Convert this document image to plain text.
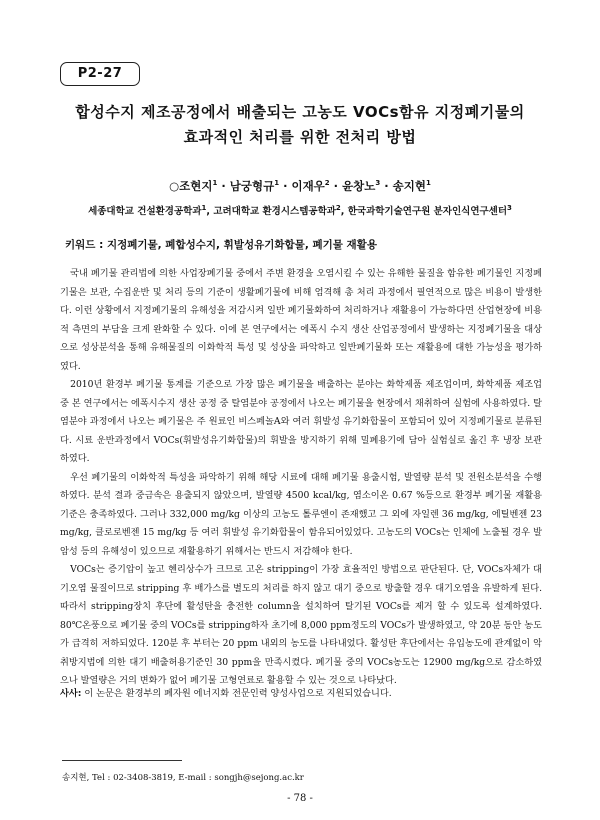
P2-27
합성수지 제조공정에서 배출되는 고농도 VOCs함유 지정폐기물의
효과적인 처리를 위한 전처리 방법
○조현지$^1$ · 남궁형규$^1$ · 이재우$^2$ · 윤창노$^3$ · 송지현$^1$
세종대학교 건설환경공학과$^1$, 고려대학교 환경시스템공학과$^2$, 한국과학기술연구원 분자인식연구센터$^3$
키워드 : 지정폐기물, 폐합성수지, 휘발성유기화합물, 폐기물 재활용

국내 폐기물 관리법에 의한 사업장폐기물 중에서 주변 환경을 오염시킬 수 있는 유해한 물질을 함유한 폐기물인 지정폐기물은 보관, 수집운반 및 처리 등의 기준이 생활폐기물에 비해 엄격해 총 처리 과정에서 필연적으로 많은 비용이 발생한다. 이런 상황에서 지정폐기물의 유해성을 저감시켜 일반 폐기물화하여 처리하거나 재활용이 가능하다면 산업현장에 비용적 측면의 부담을 크게 완화할 수 있다. 이에 본 연구에서는 에폭시 수지 생산 산업공정에서 발생하는 지정폐기물을 대상으로 성상분석을 통해 유해물질의 이화학적 특성 및 성상을 파악하고 일반폐기물화 또는 재활용에 대한 가능성을 평가하였다.

2010년 환경부 폐기물 통계를 기준으로 가장 많은 폐기물을 배출하는 분야는 화학제품 제조업이며, 화학제품 제조업 중 본 연구에서는 에폭시수지 생산 공정 중 탈염분야 공정에서 나오는 폐기물을 현장에서 채취하여 실험에 사용하였다. 탈염분야 과정에서 나오는 폐기물은 주 원료인 비스페놀A와 여러 휘발성 유기화합물이 포함되어 있어 지정폐기물로 분류된다. 시료 운반과정에서 VOCs(휘발성유기화합물)의 휘발을 방지하기 위해 밀폐용기에 담아 실험실로 옮긴 후 냉장 보관하였다.

우선 폐기물의 이화학적 특성을 파악하기 위해 해당 시료에 대해 폐기물 용출시험, 발열량 분석 및 전원소분석을 수행하였다. 분석 결과 중금속은 용출되지 않았으며, 발열량 4500 kcal/kg, 염소이온 0.67 %등으로 환경부 폐기물 재활용 기준은 충족하였다. 그러나 332,000 mg/kg 이상의 고농도 톨루엔이 존재했고 그 외에 자일렌 36 mg/kg, 에틸벤젠 23 mg/kg, 클로로벤젠 15 mg/kg 등 여러 휘발성 유기화합물이 함유되어있었다. 고농도의 VOCs는 인체에 노출될 경우 발암성 등의 유해성이 있으므로 재활용하기 위해서는 반드시 저감해야 한다.

VOCs는 증기압이 높고 헨리상수가 크므로 고온 stripping이 가장 효율적인 방법으로 판단된다. 단, VOCs자체가 대기오염 물질이므로 stripping 후 배가스를 별도의 처리를 하지 않고 대기 중으로 방출할 경우 대기오염을 유발하게 된다. 따라서 stripping장치 후단에 활성탄을 충전한 column을 설치하여 탈기된 VOCs를 제거 할 수 있도록 설계하였다. 80℃온풍으로 폐기물 중의 VOCs를 stripping하자 초기에 8,000 ppm정도의 VOCs가 발생하였고, 약 20분 동안 농도가 급격히 저하되었다. 120분 후 부터는 20 ppm 내외의 농도를 나타내었다. 활성탄 후단에서는 유입농도에 관계없이 악취방지법에 의한 대기 배출허용기준인 30 ppm을 만족시켰다. 폐기물 중의 VOCs농도는 12900 mg/kg으로 감소하였으나 발열량은 거의 변화가 없어 폐기물 고형연료로 활용할 수 있는 것으로 나타났다.

사사: 이 논문은 환경부의 폐자원 에너지화 전문인력 양성사업으로 지원되었습니다.
송지현, Tel : 02-3408-3819, E-mail : songjh@sejong.ac.kr
- 78 -
